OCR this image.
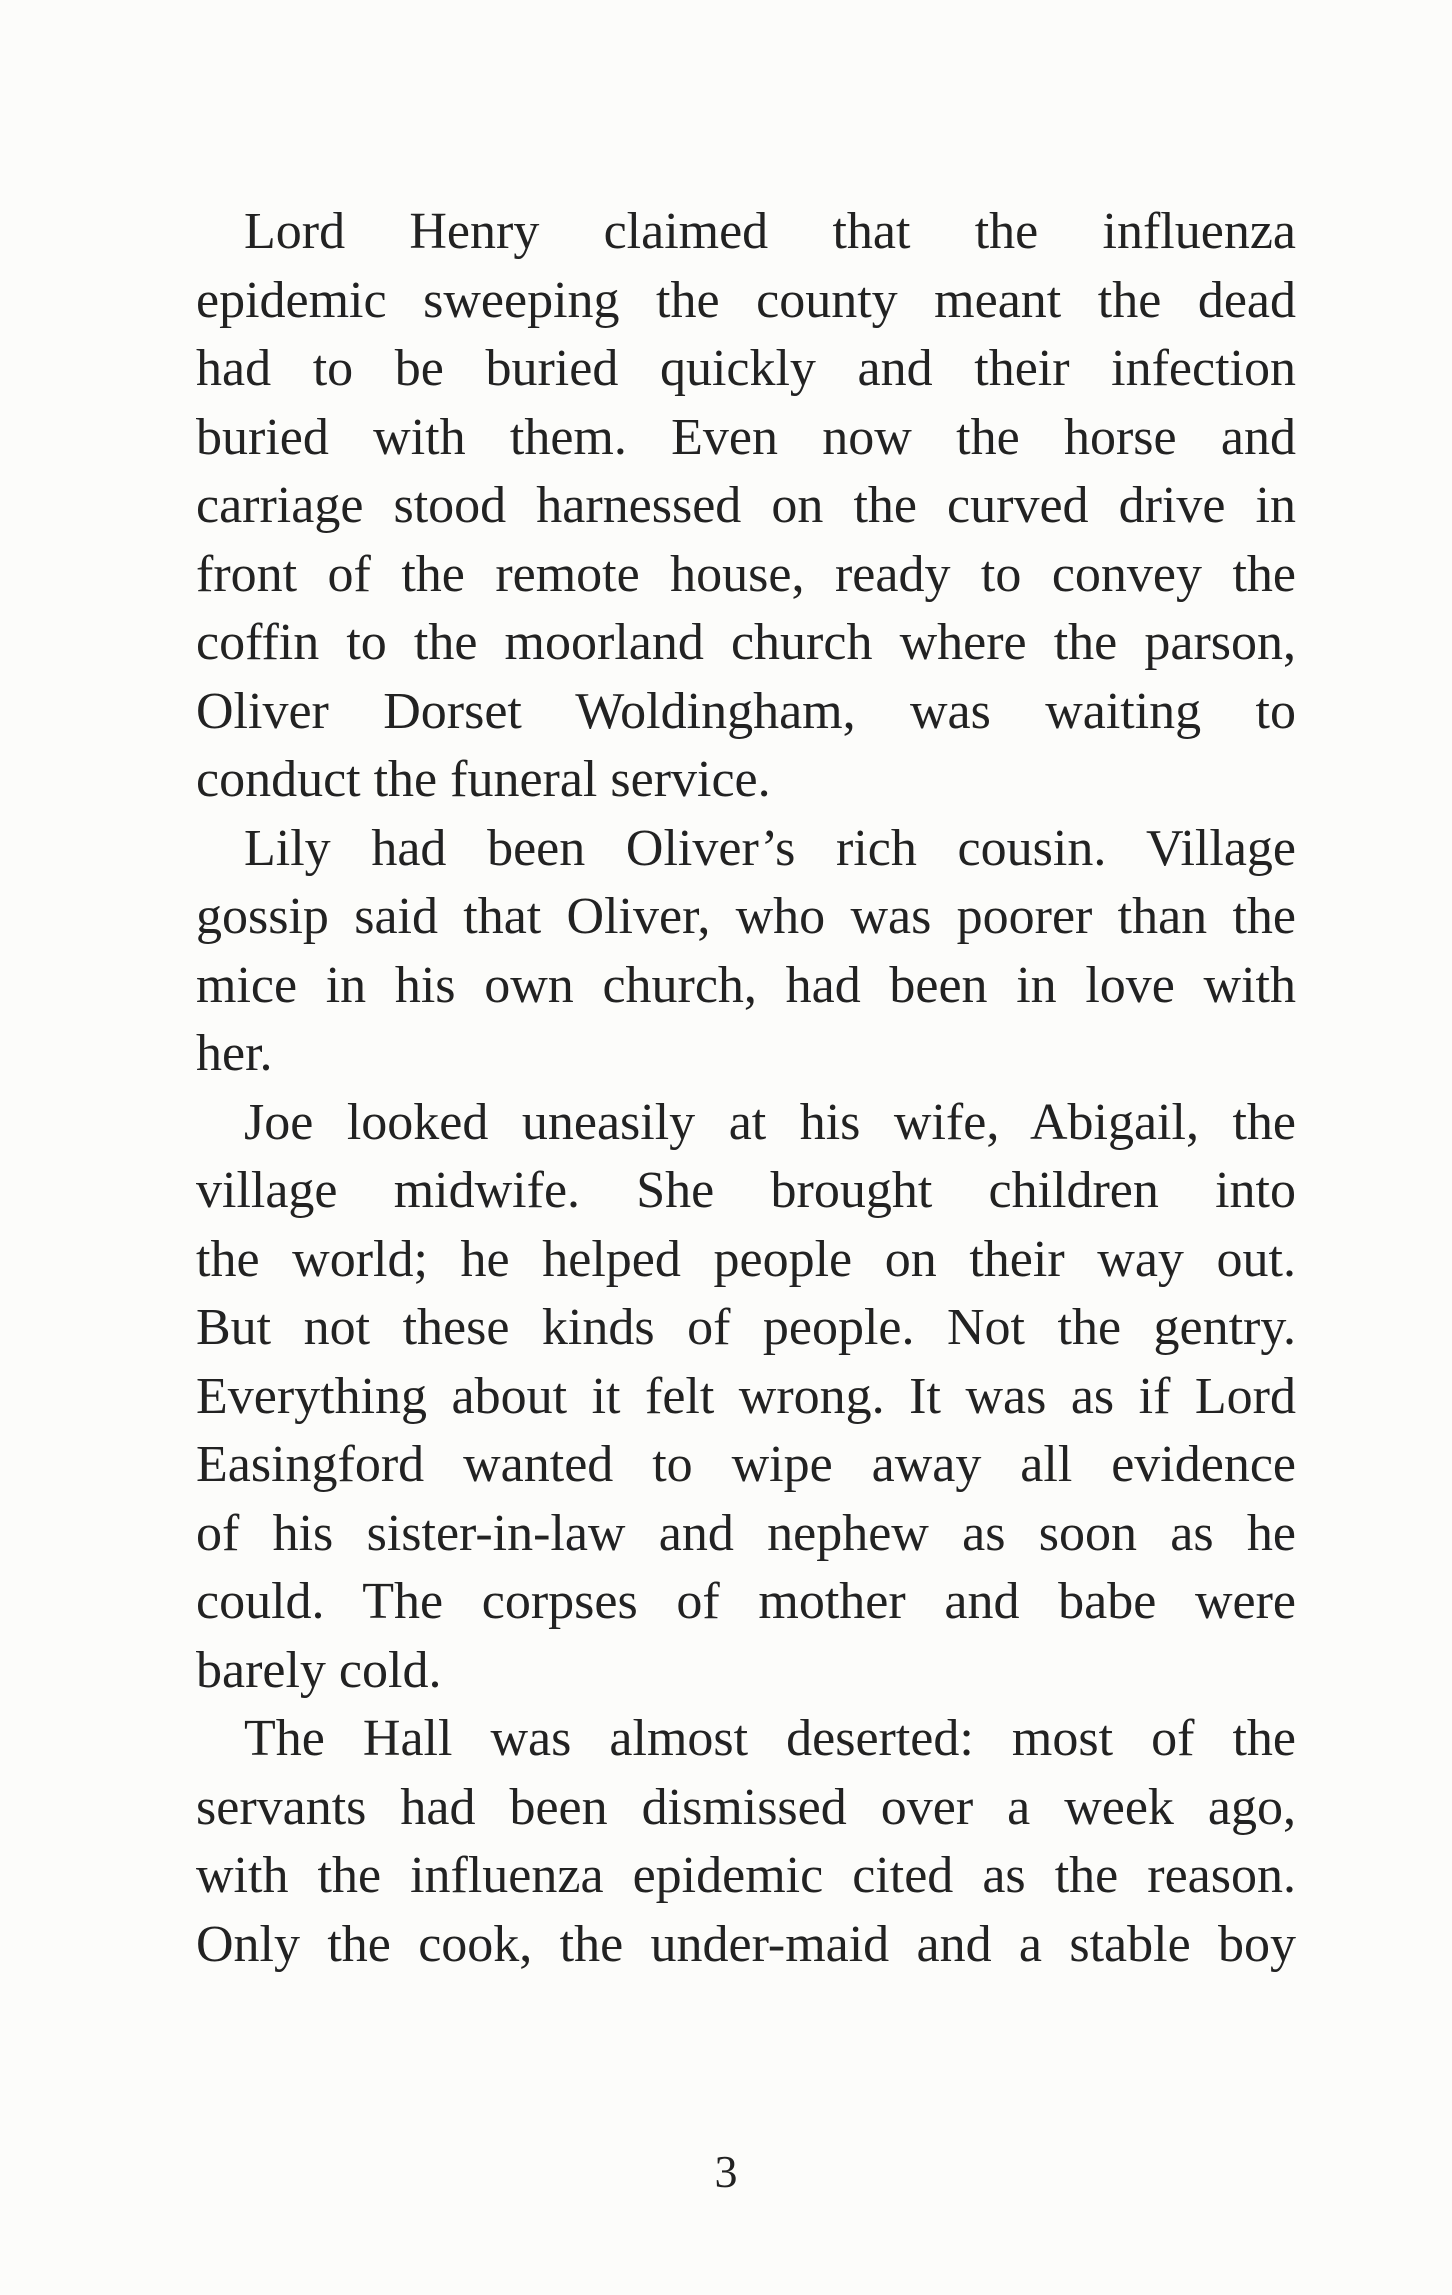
Lord Henry claimed that the influenza
epidemic sweeping the county meant the dead
had to be buried quickly and their infection
buried with them. Even now the horse and
carriage stood harnessed on the curved drive in
front of the remote house, ready to convey the
coffin to the moorland church where the parson,
Oliver Dorset Woldingham, was waiting to
conduct the funeral service.
Lily had been Oliver’s rich cousin. Village
gossip said that Oliver, who was poorer than the
mice in his own church, had been in love with
her.
Joe looked uneasily at his wife, Abigail, the
village midwife. She brought children into
the world; he helped people on their way out.
But not these kinds of people. Not the gentry.
Everything about it felt wrong. It was as if Lord
Easingford wanted to wipe away all evidence
of his sister-in-law and nephew as soon as he
could. The corpses of mother and babe were
barely cold.
The Hall was almost deserted: most of the
servants had been dismissed over a week ago,
with the influenza epidemic cited as the reason.
Only the cook, the under-maid and a stable boy
3
